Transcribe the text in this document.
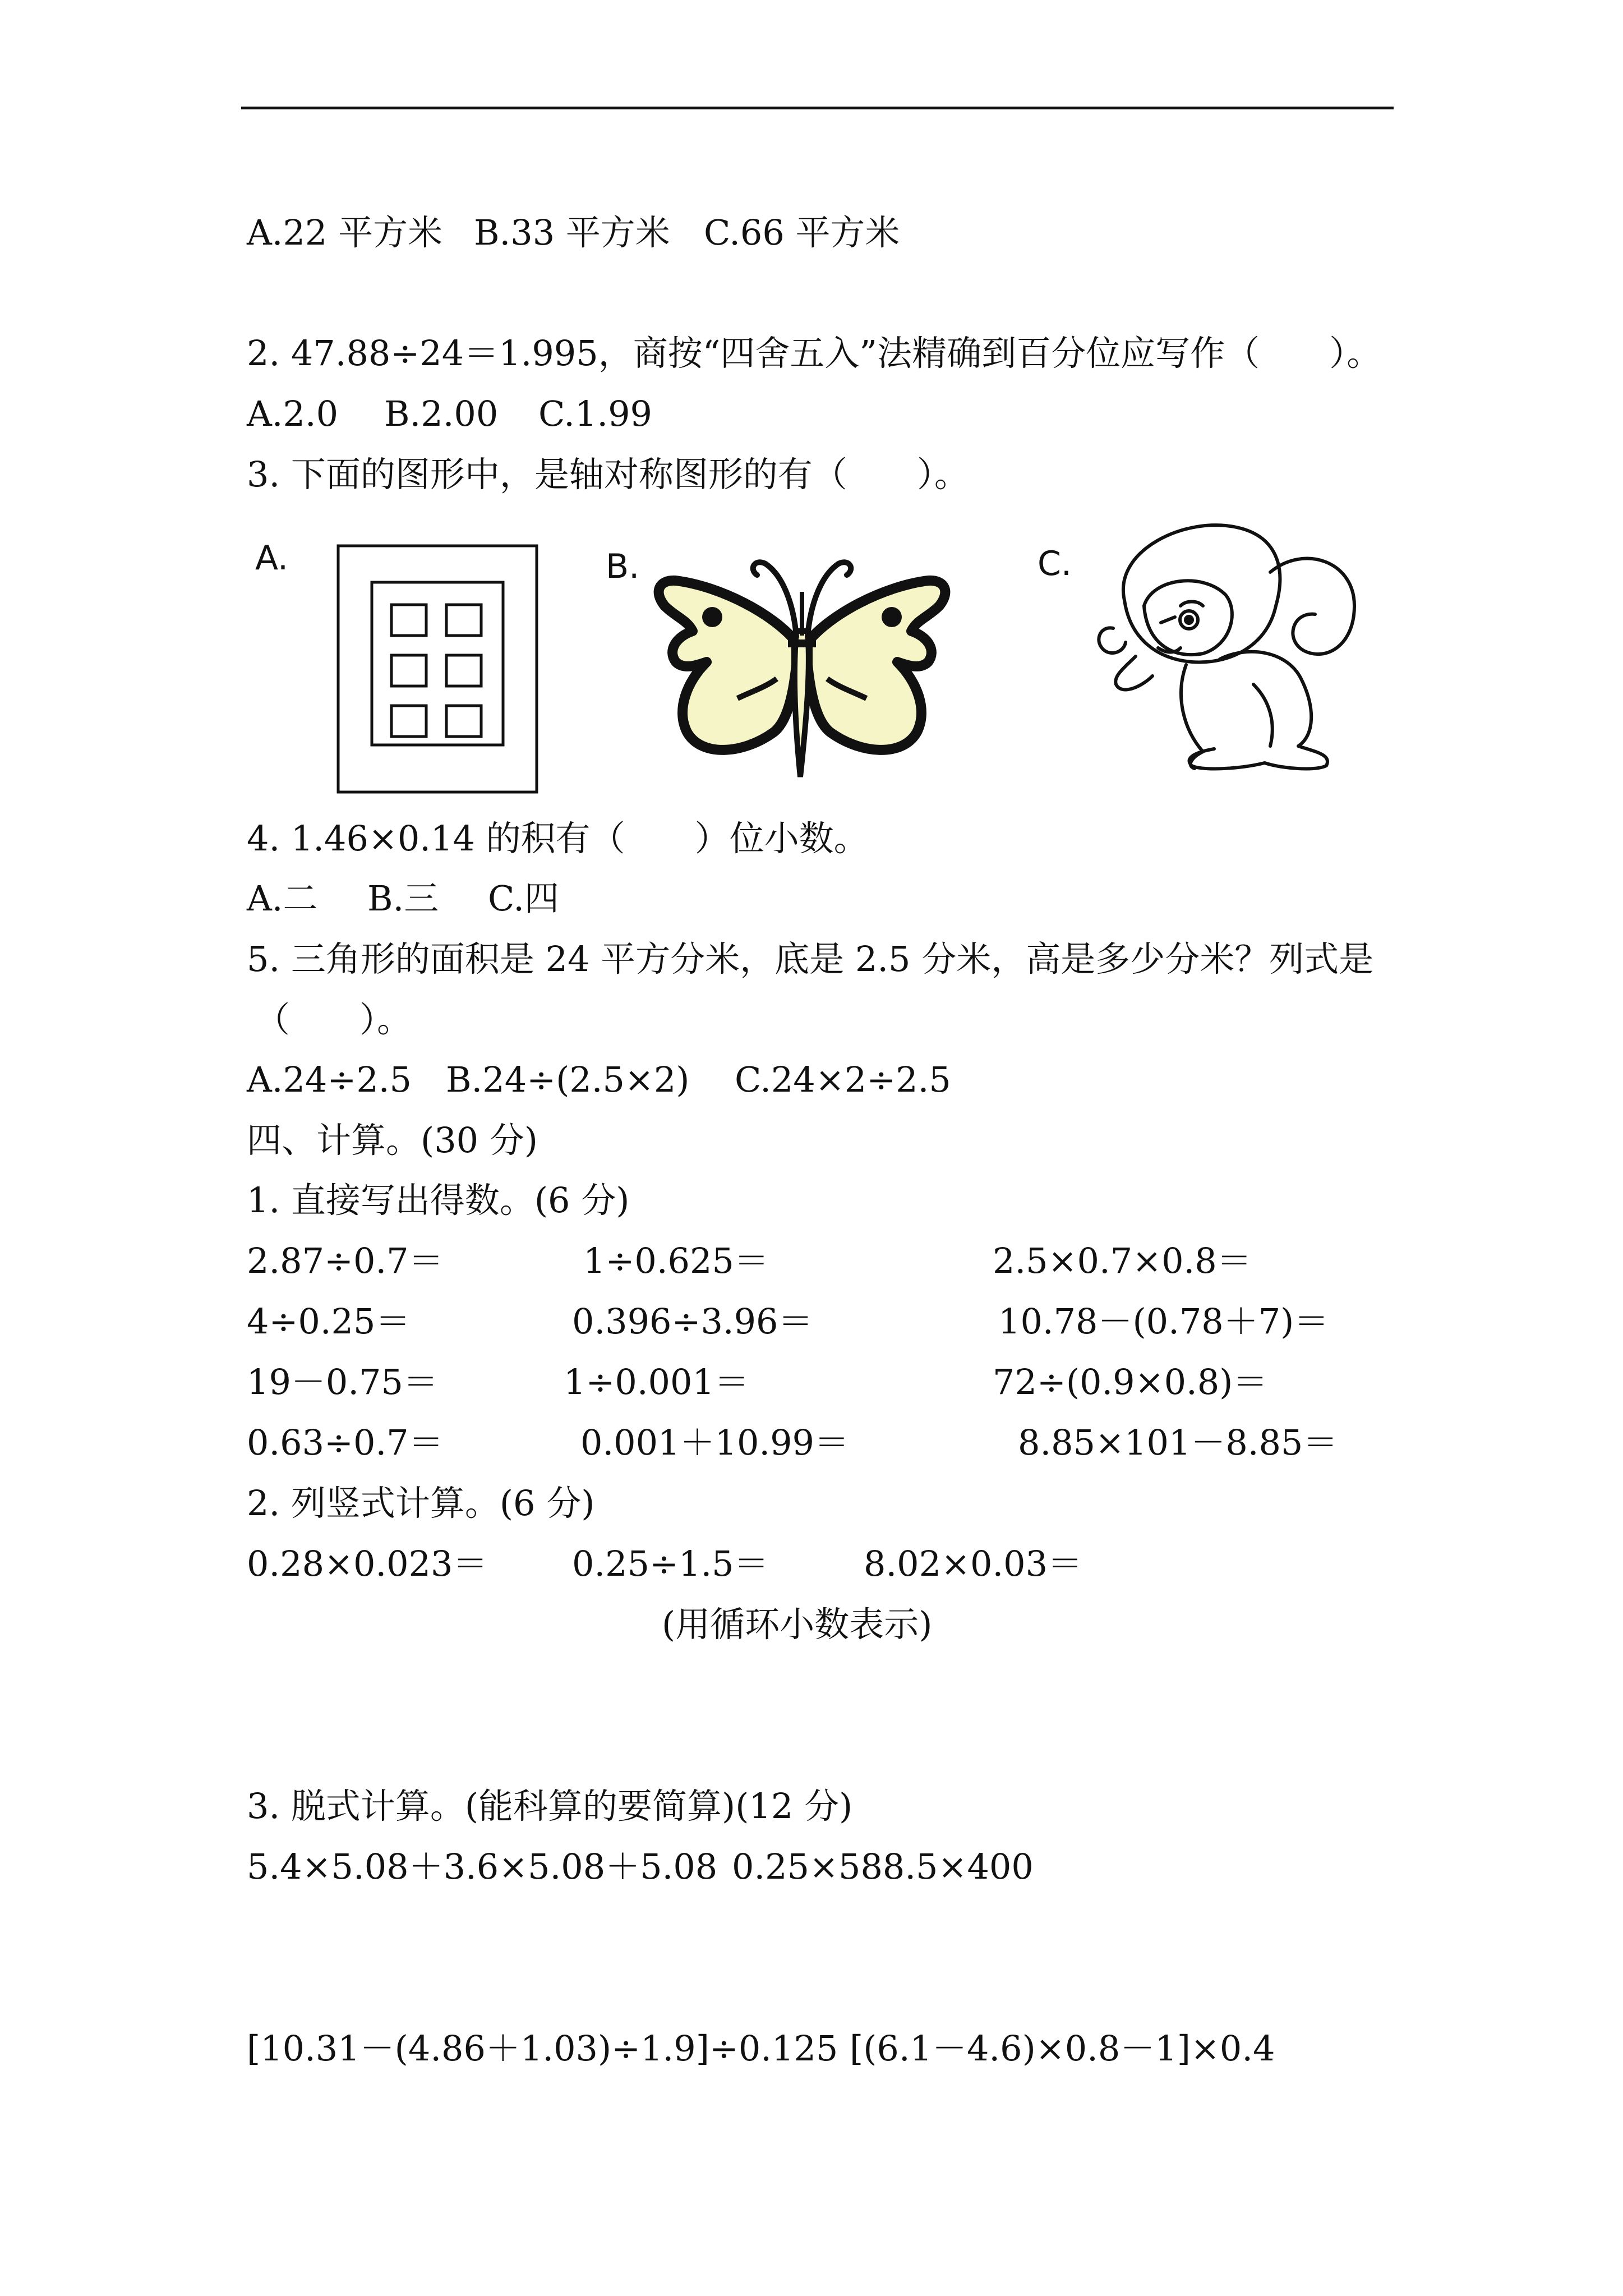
A.22 平方米 B.33 平方米 C.66 平方米
2. 47.88÷24＝1.995，商按“四舍五入”法精确到百分位应写作（　　）。
A.2.0 B.2.00 C.1.99
3. 下面的图形中，是轴对称图形的有（　　）。
A.	B.	C.
4. 1.46×0.14 的积有（　　）位小数。
A.二 B.三 C.四
5. 三角形的面积是 24 平方分米，底是 2.5 分米，高是多少分米？列式是
（　　）。
A.24÷2.5 B.24÷(2.5×2) C.24×2÷2.5
四、计算。(30 分)
1. 直接写出得数。(6 分)
2.87÷0.7＝	1÷0.625＝	2.5×0.7×0.8＝
4÷0.25＝	0.396÷3.96＝	10.78－(0.78＋7)＝
19－0.75＝	1÷0.001＝	72÷(0.9×0.8)＝
0.63÷0.7＝	0.001＋10.99＝	8.85×101－8.85＝
2. 列竖式计算。(6 分)
0.28×0.023＝ 0.25÷1.5＝	8.02×0.03＝
(用循环小数表示)
3. 脱式计算。(能科算的要简算)(12 分)
5.4×5.08＋3.6×5.08＋5.08 0.25×588.5×400
[10.31－(4.86＋1.03)÷1.9]÷0.125 [(6.1－4.6)×0.8－1]×0.4
